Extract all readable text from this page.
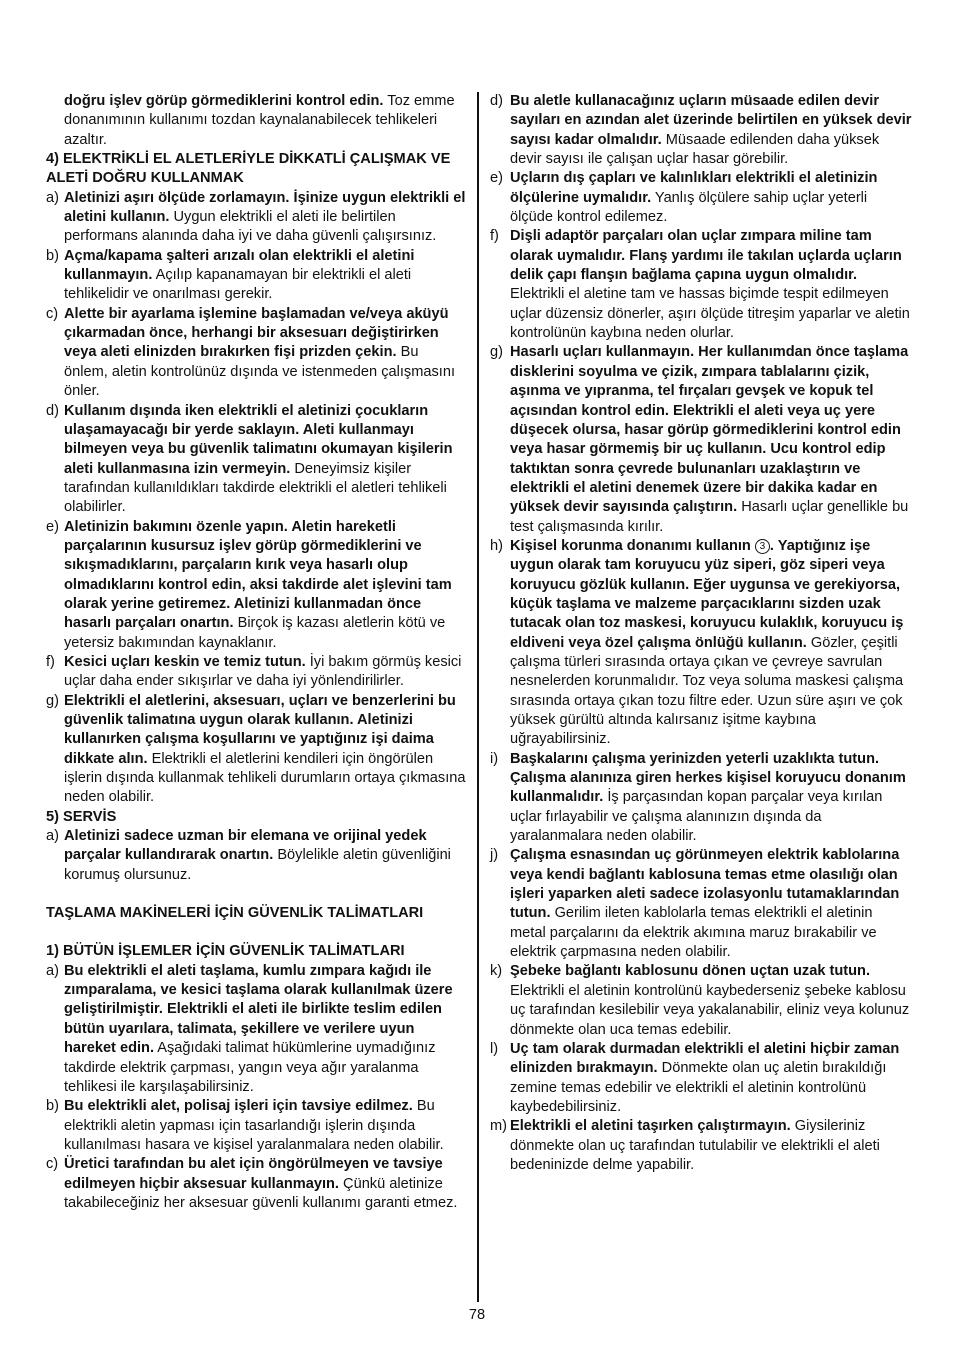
doğru işlev görüp görmediklerini kontrol edin. Toz emme donanımının kullanımı tozdan kaynalanabilecek tehlikeleri azaltır.

4) ELEKTRİKLİ EL ALETLERİYLE DİKKATLİ ÇALIŞMAK VE ALETİ DOĞRU KULLANMAK

a) Aletinizi aşırı ölçüde zorlamayın. İşinize uygun elektrikli el aletini kullanın. Uygun elektrikli el aleti ile belirtilen performans alanında daha iyi ve daha güvenli çalışırsınız.
b) Açma/kapama şalteri arızalı olan elektrikli el aletini kullanmayın. Açılıp kapanamayan bir elektrikli el aleti tehlikelidir ve onarılması gerekir.
c) Alette bir ayarlama işlemine başlamadan ve/veya aküyü çıkarmadan önce, herhangi bir aksesuarı değiştirirken veya aleti elinizden bırakırken fişi prizden çekin. Bu önlem, aletin kontrolünüz dışında ve istenmeden çalışmasını önler.
d) Kullanım dışında iken elektrikli el aletinizi çocukların ulaşamayacağı bir yerde saklayın. Aleti kullanmayı bilmeyen veya bu güvenlik talimatını okumayan kişilerin aleti kullanmasına izin vermeyin. Deneyimsiz kişiler tarafından kullanıldıkları takdirde elektrikli el aletleri tehlikeli olabilirler.
e) Aletinizin bakımını özenle yapın. Aletin hareketli parçalarının kusursuz işlev görüp görmediklerini ve sıkışmadıklarını, parçaların kırık veya hasarlı olup olmadıklarını kontrol edin, aksi takdirde alet işlevini tam olarak yerine getiremez. Aletinizi kullanmadan önce hasarlı parçaları onartın. Birçok iş kazası aletlerin kötü ve yetersiz bakımından kaynaklanır.
f) Kesici uçları keskin ve temiz tutun. İyi bakım görmüş kesici uçlar daha ender sıkışırlar ve daha iyi yönlendirilirler.
g) Elektrikli el aletlerini, aksesuarı, uçları ve benzerlerini bu güvenlik talimatına uygun olarak kullanın. Aletinizi kullanırken çalışma koşullarını ve yaptığınız işi daima dikkate alın. Elektrikli el aletlerini kendileri için öngörülen işlerin dışında kullanmak tehlikeli durumların ortaya çıkmasına neden olabilir.

5) SERVİS

a) Aletinizi sadece uzman bir elemana ve orijinal yedek parçalar kullandırarak onartın. Böylelikle aletin güvenliğini korumuş olursunuz.

TAŞLAMA MAKİNELERİ İÇİN GÜVENLİK TALİMATLARI

1) BÜTÜN İŞLEMLER İÇİN GÜVENLİK TALİMATLARI

a) Bu elektrikli el aleti taşlama, kumlu zımpara kağıdı ile zımparalama, ve kesici taşlama olarak kullanılmak üzere geliştirilmiştir. Elektrikli el aleti ile birlikte teslim edilen bütün uyarılara, talimata, şekillere ve verilere uyun hareket edin. Aşağıdaki talimat hükümlerine uymadığınız takdirde elektrik çarpması, yangın veya ağır yaralanma tehlikesi ile karşılaşabilirsiniz.
b) Bu elektrikli alet, polisaj işleri için tavsiye edilmez. Bu elektrikli aletin yapması için tasarlandığı işlerin dışında kullanılması hasara ve kişisel yaralanmalara neden olabilir.
c) Üretici tarafından bu alet için öngörülmeyen ve tavsiye edilmeyen hiçbir aksesuar kullanmayın. Çünkü aletinize takabileceğiniz her aksesuar güvenli kullanımı garanti etmez.
d) Bu aletle kullanacağınız uçların müsaade edilen devir sayıları en azından alet üzerinde belirtilen en yüksek devir sayısı kadar olmalıdır. Müsaade edilenden daha yüksek devir sayısı ile çalışan uçlar hasar görebilir.
e) Uçların dış çapları ve kalınlıkları elektrikli el aletinizin ölçülerine uymalıdır. Yanlış ölçülere sahip uçlar yeterli ölçüde kontrol edilemez.
f) Dişli adaptör parçaları olan uçlar zımpara miline tam olarak uymalıdır. Flanş yardımı ile takılan uçlarda uçların delik çapı flanşın bağlama çapına uygun olmalıdır. Elektrikli el aletine tam ve hassas biçimde tespit edilmeyen uçlar düzensiz dönerler, aşırı ölçüde titreşim yaparlar ve aletin kontrolünün kaybına neden olurlar.
g) Hasarlı uçları kullanmayın. Her kullanımdan önce taşlama disklerini soyulma ve çizik, zımpara tablalarını çizik, aşınma ve yıpranma, tel fırçaları gevşek ve kopuk tel açısından kontrol edin. Elektrikli el aleti veya uç yere düşecek olursa, hasar görüp görmediklerini kontrol edin veya hasar görmemiş bir uç kullanın. Ucu kontrol edip taktıktan sonra çevrede bulunanları uzaklaştırın ve elektrikli el aletini denemek üzere bir dakika kadar en yüksek devir sayısında çalıştırın. Hasarlı uçlar genellikle bu test çalışmasında kırılır.
h) Kişisel korunma donanımı kullanın 3 . Yaptığınız işe uygun olarak tam koruyucu yüz siperi, göz siperi veya koruyucu gözlük kullanın. Eğer uygunsa ve gerekiyorsa, küçük taşlama ve malzeme parçacıklarını sizden uzak tutacak olan toz maskesi, koruyucu kulaklık, koruyucu iş eldiveni veya özel çalışma önlüğü kullanın. Gözler, çeşitli çalışma türleri sırasında ortaya çıkan ve çevreye savrulan nesnelerden korunmalıdır. Toz veya soluma maskesi çalışma sırasında ortaya çıkan tozu filtre eder. Uzun süre aşırı ve çok yüksek gürültü altında kalırsanız işitme kaybına uğrayabilirsiniz.
i) Başkalarını çalışma yerinizden yeterli uzaklıkta tutun. Çalışma alanınıza giren herkes kişisel koruyucu donanım kullanmalıdır. İş parçasından kopan parçalar veya kırılan uçlar fırlayabilir ve çalışma alanınızın dışında da yaralanmalara neden olabilir.
j) Çalışma esnasından uç görünmeyen elektrik kablolarına veya kendi bağlantı kablosuna temas etme olasılığı olan işleri yaparken aleti sadece izolasyonlu tutamaklarından tutun. Gerilim ileten kablolarla temas elektrikli el aletinin metal parçalarını da elektrik akımına maruz bırakabilir ve elektrik çarpmasına neden olabilir.
k) Şebeke bağlantı kablosunu dönen uçtan uzak tutun. Elektrikli el aletinin kontrolünü kaybederseniz şebeke kablosu uç tarafından kesilebilir veya yakalanabilir, eliniz veya kolunuz dönmekte olan uca temas edebilir.
l) Uç tam olarak durmadan elektrikli el aletini hiçbir zaman elinizden bırakmayın. Dönmekte olan uç aletin bırakıldığı zemine temas edebilir ve elektrikli el aletinin kontrolünü kaybedebilirsiniz.
m) Elektrikli el aletini taşırken çalıştırmayın. Giysileriniz dönmekte olan uç tarafından tutulabilir ve elektrikli el aleti bedeninizde delme yapabilir.
78
